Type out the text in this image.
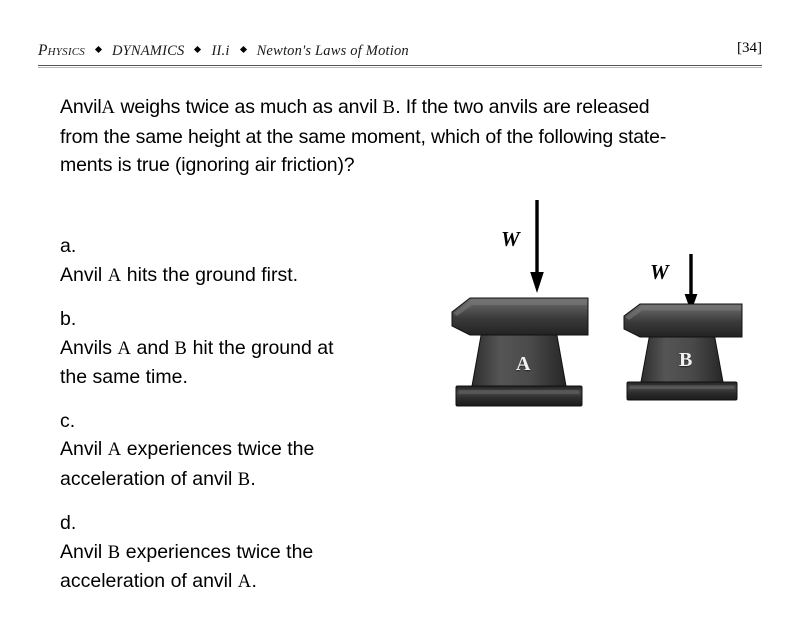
Physics DYNAMICS II.i Newton's Laws of Motion	[34]
AnvilA weighs twice as much as anvil B. If the two anvils are released
from the same height at the same moment, which of the following state-
ments is true (ignoring air friction)?
a.
Anvil A hits the ground first.
b.
Anvils A and B hit the ground at
the same time.
c.
Anvil A experiences twice the
acceleration of anvil B.
d.
Anvil B experiences twice the
acceleration of anvil A.
W
A
W
B
